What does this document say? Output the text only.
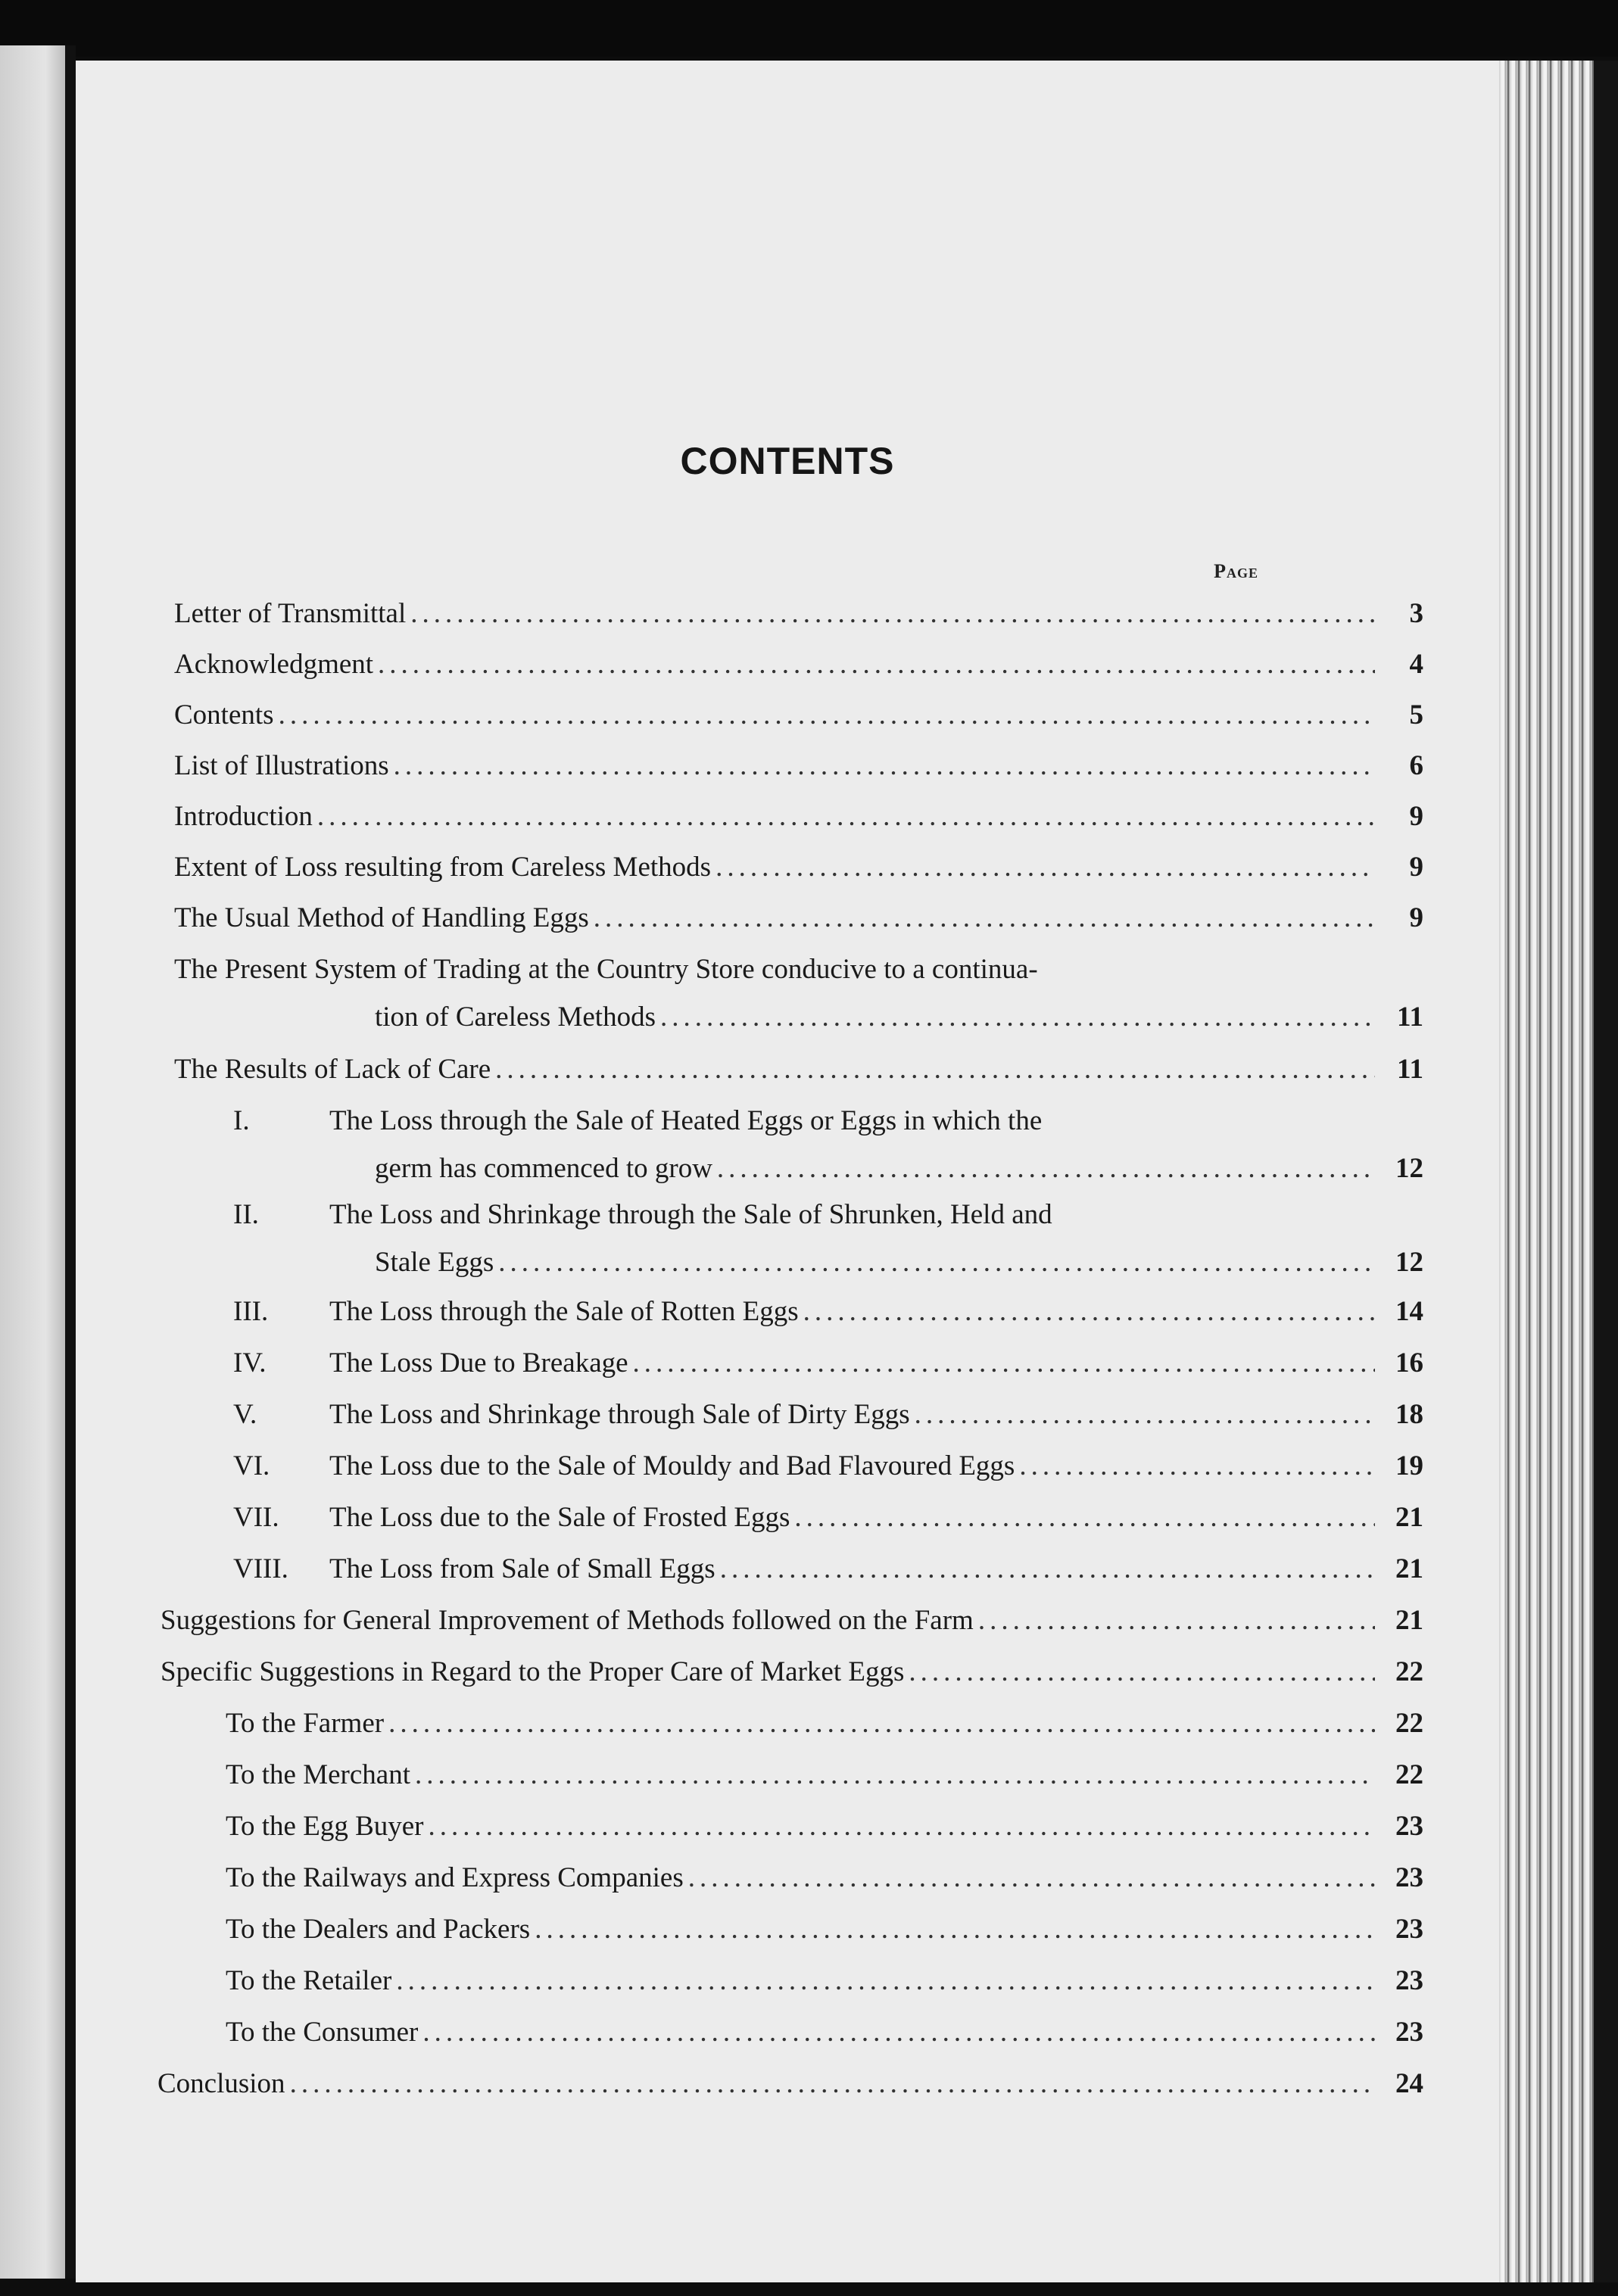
CONTENTS
Page
Letter of Transmittal .....	3
Acknowledgment .....	4
Contents .....	5
List of Illustrations .....	6
Introduction .....	9
Extent of Loss resulting from Careless Methods .....	9
The Usual Method of Handling Eggs .....	9
The Present System of Trading at the Country Store conducive to a continua-
tion of Careless Methods .....	11
The Results of Lack of Care .....	11
I.	The Loss through the Sale of Heated Eggs or Eggs in which the
germ has commenced to grow .....	12
II.	The Loss and Shrinkage through the Sale of Shrunken, Held and
Stale Eggs .....	12
III. The Loss through the Sale of Rotten Eggs .....	14
IV. The Loss Due to Breakage .....	16
V.	The Loss and Shrinkage through Sale of Dirty Eggs .....	18
VI. The Loss due to the Sale of Mouldy and Bad Flavoured Eggs .....	19
VII. The Loss due to the Sale of Frosted Eggs .....	21
VIII. The Loss from Sale of Small Eggs .....	21
Suggestions for General Improvement of Methods followed on the Farm .....	21
Specific Suggestions in Regard to the Proper Care of Market Eggs .....	22
To the Farmer .....	22
To the Merchant .....	22
To the Egg Buyer .....	23
To the Railways and Express Companies .....	23
To the Dealers and Packers .....	23
To the Retailer .....	23
To the Consumer .....	23
Conclusion .....	24
